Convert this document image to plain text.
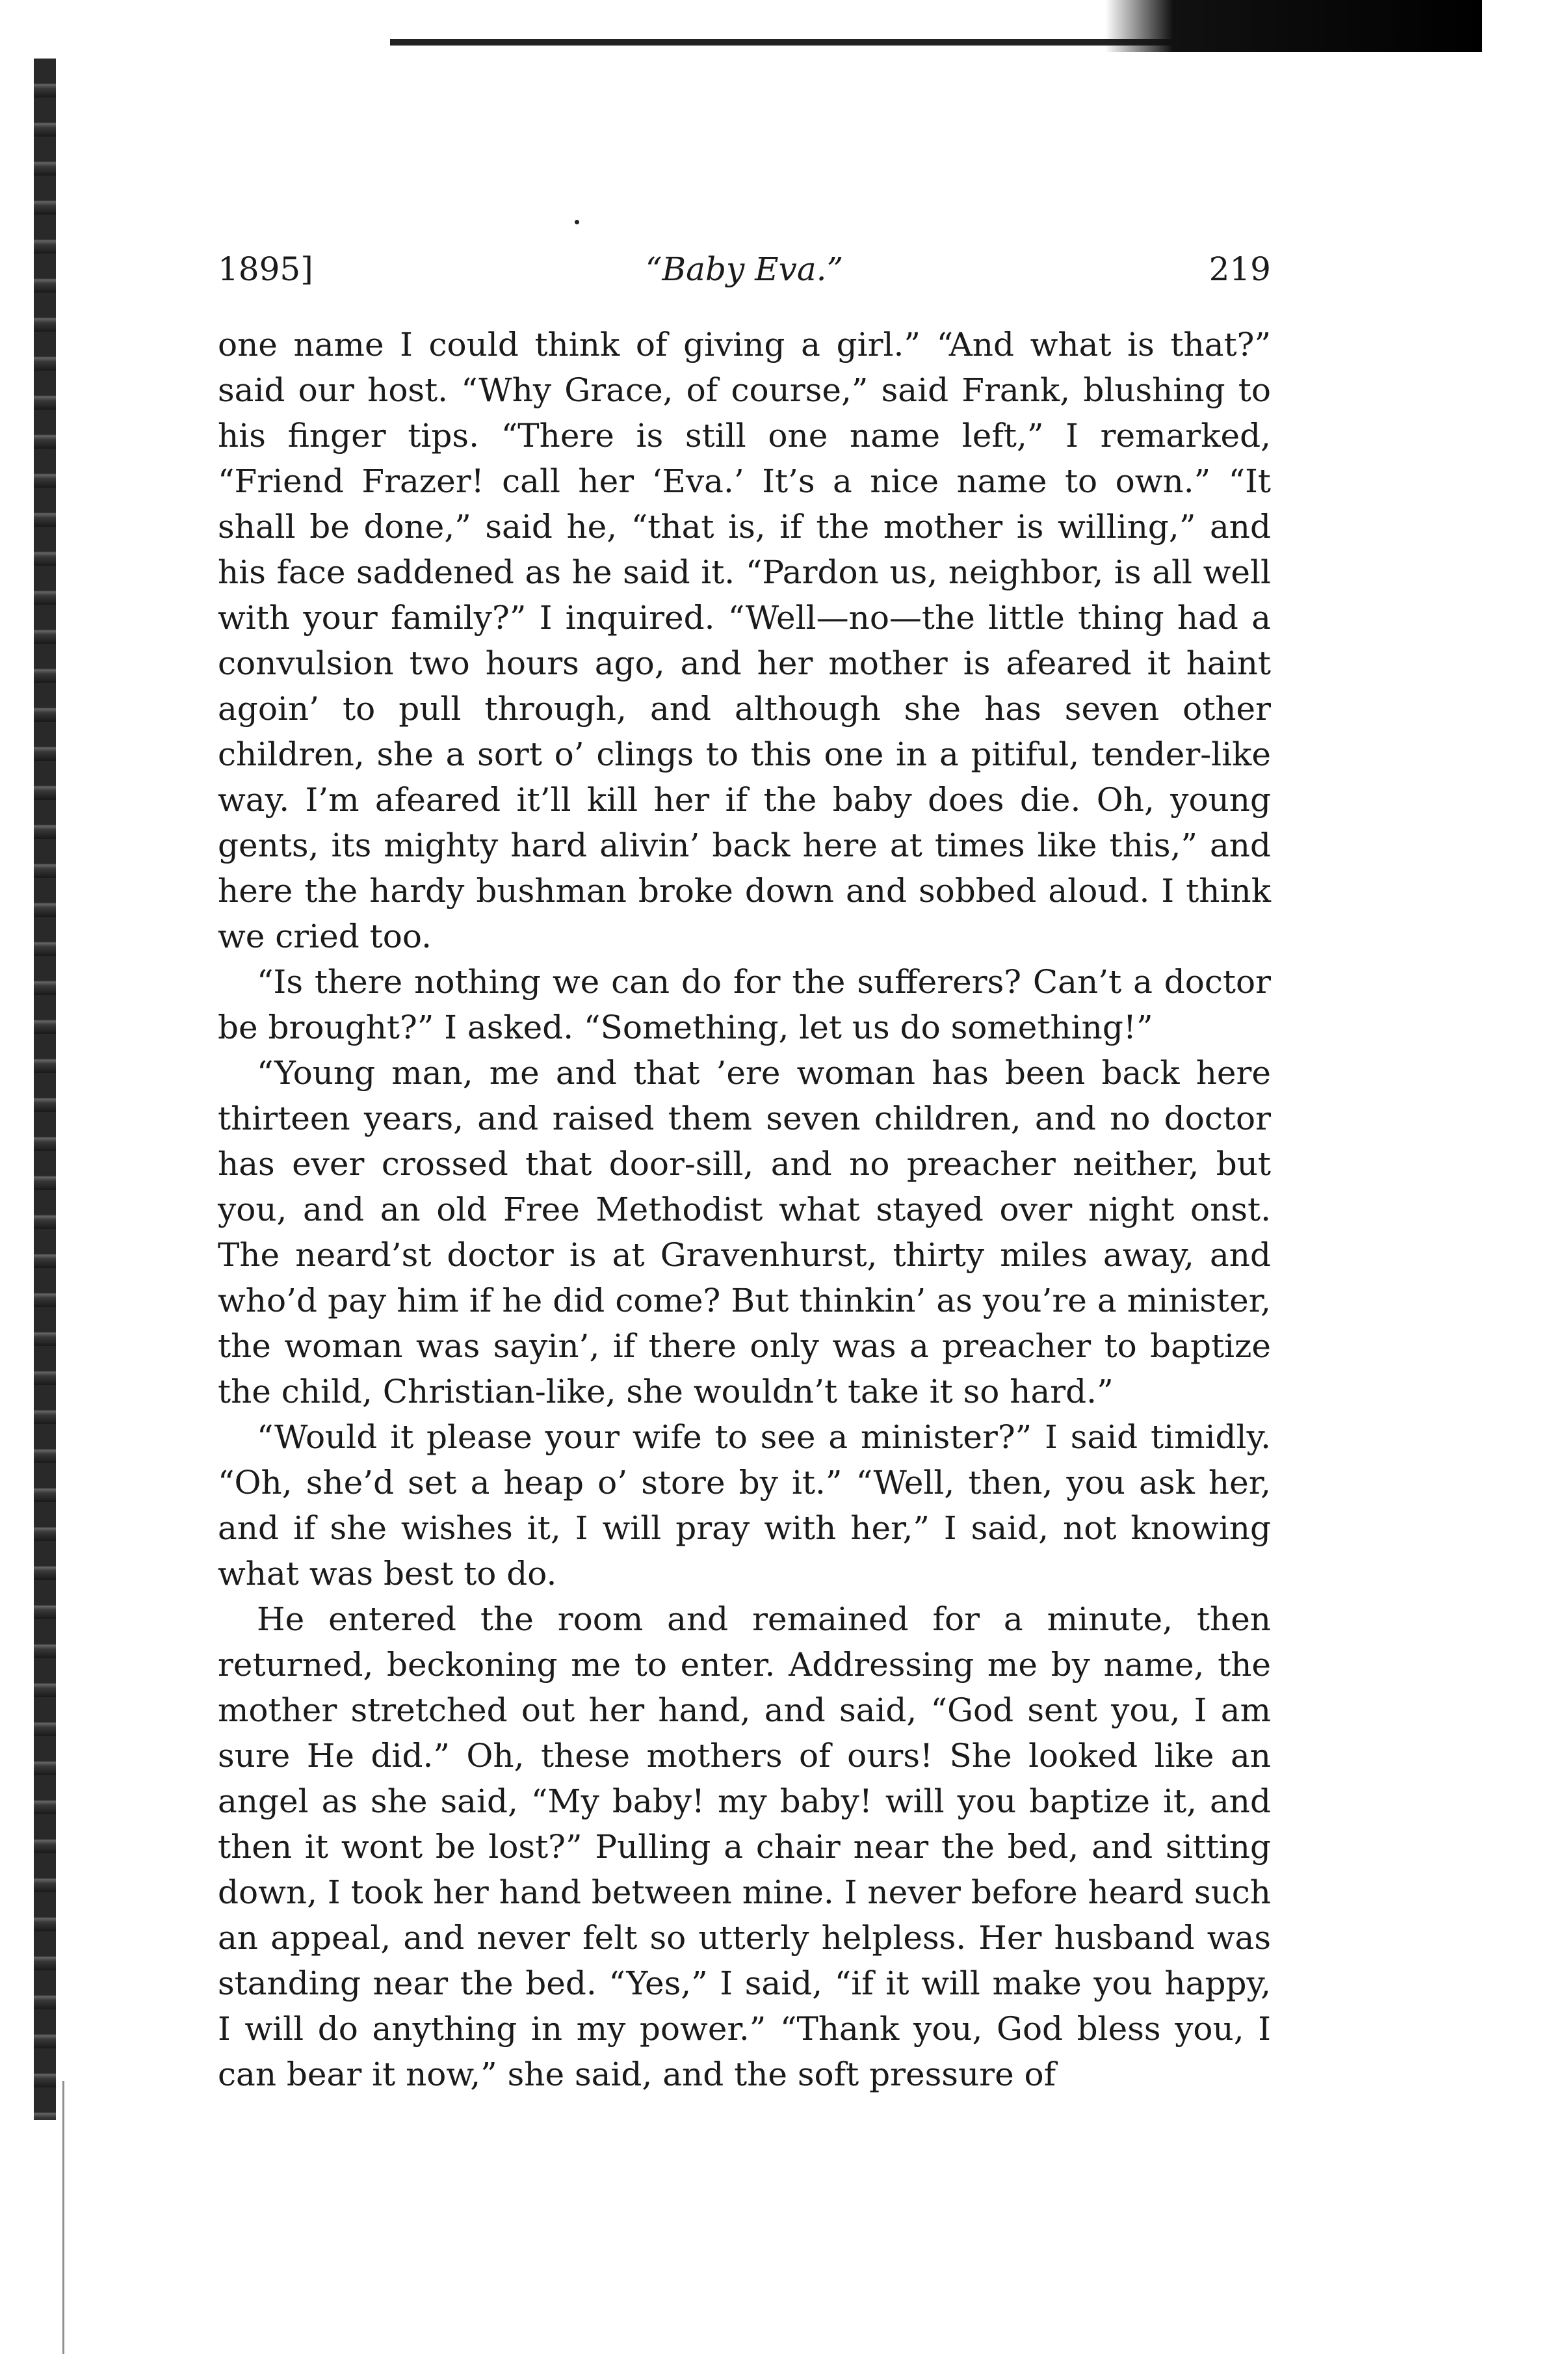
1895]	“Baby Eva.”	219

one name I could think of giving a girl.” “And what is that?” said our host. “Why Grace, of course,” said Frank, blushing to his finger tips. “There is still one name left,” I remarked, “Friend Frazer! call her ‘Eva.’ It’s a nice name to own.” “It shall be done,” said he, “that is, if the mother is willing,” and his face saddened as he said it. “Pardon us, neighbor, is all well with your family?” I inquired. “Well—no—the little thing had a convulsion two hours ago, and her mother is afeared it haint agoin’ to pull through, and although she has seven other children, she a sort o’ clings to this one in a pitiful, tender-like way. I’m afeared it’ll kill her if the baby does die. Oh, young gents, its mighty hard alivin’ back here at times like this,” and here the hardy bushman broke down and sobbed aloud. I think we cried too.

“Is there nothing we can do for the sufferers? Can’t a doctor be brought?” I asked. “Something, let us do something!”

“Young man, me and that ’ere woman has been back here thirteen years, and raised them seven children, and no doctor has ever crossed that door-sill, and no preacher neither, but you, and an old Free Methodist what stayed over night onst. The neard’st doctor is at Gravenhurst, thirty miles away, and who’d pay him if he did come? But thinkin’ as you’re a minister, the woman was sayin’, if there only was a preacher to baptize the child, Christian-like, she wouldn’t take it so hard.”

“Would it please your wife to see a minister?” I said timidly. “Oh, she’d set a heap o’ store by it.” “Well, then, you ask her, and if she wishes it, I will pray with her,” I said, not knowing what was best to do.

He entered the room and remained for a minute, then returned, beckoning me to enter. Addressing me by name, the mother stretched out her hand, and said, “God sent you, I am sure He did.” Oh, these mothers of ours! She looked like an angel as she said, “My baby! my baby! will you baptize it, and then it wont be lost?” Pulling a chair near the bed, and sitting down, I took her hand between mine. I never before heard such an appeal, and never felt so utterly helpless. Her husband was standing near the bed. “Yes,” I said, “if it will make you happy, I will do anything in my power.” “Thank you, God bless you, I can bear it now,” she said, and the soft pressure of
